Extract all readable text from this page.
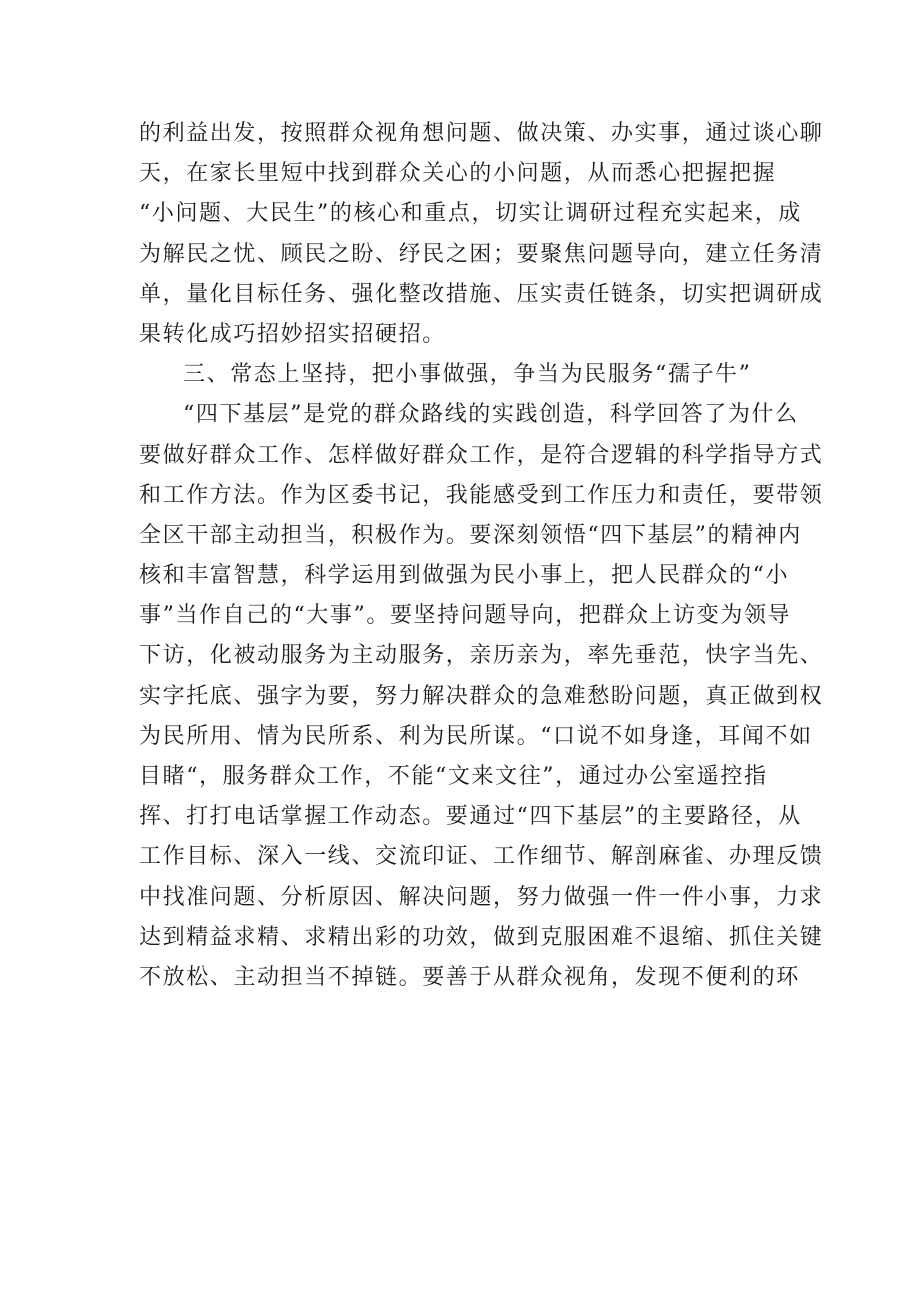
的利益出发，按照群众视角想问题、做决策、办实事，通过谈心聊
天，在家长里短中找到群众关心的小问题，从而悉心把握把握
“小问题、大民生”的核心和重点，切实让调研过程充实起来，成
为解民之忧、顾民之盼、纾民之困；要聚焦问题导向，建立任务清
单，量化目标任务、强化整改措施、压实责任链条，切实把调研成
果转化成巧招妙招实招硬招。
三、常态上坚持，把小事做强，争当为民服务“孺子牛”
“四下基层”是党的群众路线的实践创造，科学回答了为什么
要做好群众工作、怎样做好群众工作，是符合逻辑的科学指导方式
和工作方法。作为区委书记，我能感受到工作压力和责任，要带领
全区干部主动担当，积极作为。要深刻领悟“四下基层”的精神内
核和丰富智慧，科学运用到做强为民小事上，把人民群众的“小
事”当作自己的“大事”。要坚持问题导向，把群众上访变为领导
下访，化被动服务为主动服务，亲历亲为，率先垂范，快字当先、
实字托底、强字为要，努力解决群众的急难愁盼问题，真正做到权
为民所用、情为民所系、利为民所谋。“口说不如身逢，耳闻不如
目睹“，服务群众工作，不能“文来文往”，通过办公室遥控指
挥、打打电话掌握工作动态。要通过“四下基层”的主要路径，从
工作目标、深入一线、交流印证、工作细节、解剖麻雀、办理反馈
中找准问题、分析原因、解决问题，努力做强一件一件小事，力求
达到精益求精、求精出彩的功效，做到克服困难不退缩、抓住关键
不放松、主动担当不掉链。要善于从群众视角，发现不便利的环
